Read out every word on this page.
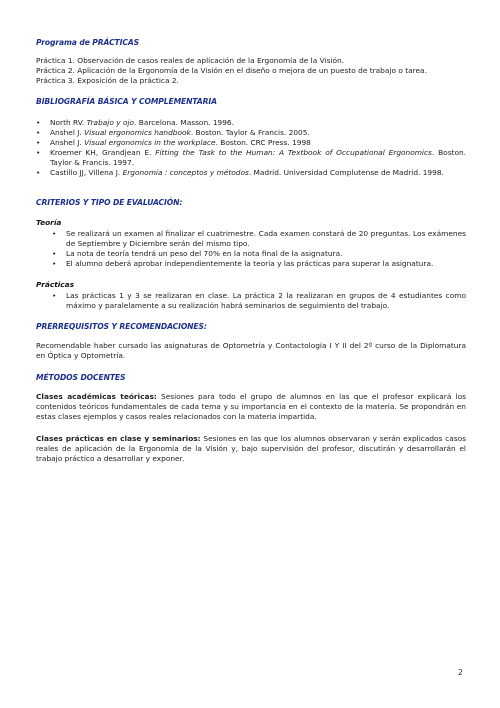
Programa de PRÁCTICAS
Práctica 1. Observación de casos reales de aplicación de la Ergonomía de la Visión.
Práctica 2. Aplicación de la Ergonomía de la Visión en el diseño o mejora de un puesto de trabajo o tarea.
Práctica 3. Exposición de la práctica 2.
BIBLIOGRAFÍA BÁSICA Y COMPLEMENTARIA
• North RV. Trabajo y ojo. Barcelona. Masson. 1996.
• Anshel J. Visual ergonomics handbook. Boston. Taylor & Francis. 2005.
• Anshel J. Visual ergonomics in the workplace. Boston. CRC Press. 1998
• Kroemer KH, Grandjean E. Fitting the Task to the Human: A Textbook of Occupational Ergonomics. Boston. Taylor & Francis. 1997.
• Castillo JJ, Villena J. Ergonomía : conceptos y métodos. Madrid. Universidad Complutense de Madrid. 1998.
CRITERIOS Y TIPO DE EVALUACIÓN:
Teoría
• Se realizará un examen al finalizar el cuatrimestre. Cada examen constará de 20 preguntas. Los exámenes de Septiembre y Diciembre serán del mismo tipo.
• La nota de teoría tendrá un peso del 70% en la nota final de la asignatura.
• El alumno deberá aprobar independientemente la teoría y las prácticas para superar la asignatura.
Prácticas
• Las prácticas 1 y 3 se realizaran en clase. La práctica 2 la realizaran en grupos de 4 estudiantes como máximo y paralelamente a su realización habrá seminarios de seguimiento del trabajo.
PRERREQUISITOS Y RECOMENDACIONES:
Recomendable haber cursado las asignaturas de Optometría y Contactología I Y II del 2º curso de la Diplomatura en Óptica y Optometría.
MÉTODOS DOCENTES
Clases académicas teóricas: Sesiones para todo el grupo de alumnos en las que el profesor explicará los contenidos teóricos fundamentales de cada tema y su importancia en el contexto de la materia. Se propondrán en estas clases ejemplos y casos reales relacionados con la materia impartida.
Clases prácticas en clase y seminarios: Sesiones en las que los alumnos observaran y serán explicados casos reales de aplicación de la Ergonomía de la Visión y, bajo supervisión del profesor, discutirán y desarrollarán el trabajo práctico a desarrollar y exponer.
2
